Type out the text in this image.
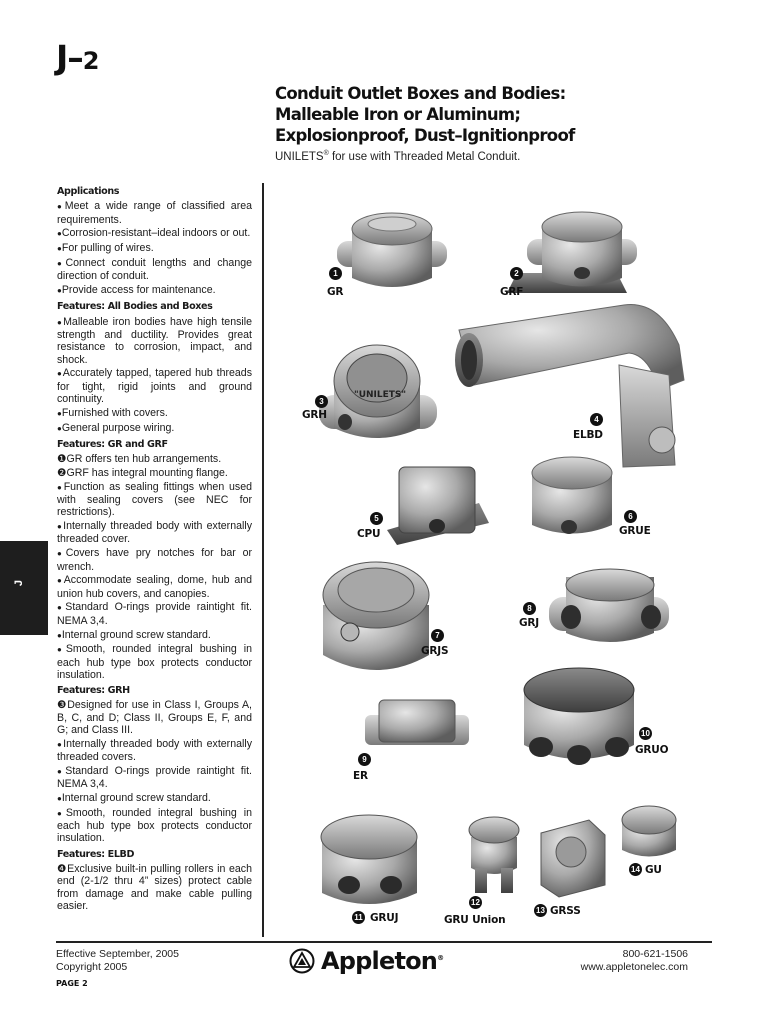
J–2
Conduit Outlet Boxes and Bodies:
Malleable Iron or Aluminum;
Explosionproof, Dust–Ignitionproof
UNILETS® for use with Threaded Metal Conduit.
Applications
● Meet a wide range of classified area requirements.
● Corrosion-resistant–ideal indoors or out.
● For pulling of wires.
● Connect conduit lengths and change direction of conduit.
● Provide access for maintenance.
Features: All Bodies and Boxes
● Malleable iron bodies have high tensile strength and ductility. Provides great resistance to corrosion, impact, and shock.
● Accurately tapped, tapered hub threads for tight, rigid joints and ground continuity.
● Furnished with covers.
● General purpose wiring.
Features: GR and GRF
❶GR offers ten hub arrangements.
❷GRF has integral mounting flange.
● Function as sealing fittings when used with sealing covers (see NEC for restrictions).
● Internally threaded body with externally threaded cover.
● Covers have pry notches for bar or wrench.
● Accommodate sealing, dome, hub and union hub covers, and canopies.
● Standard O-rings provide raintight fit. NEMA 3,4.
● Internal ground screw standard.
● Smooth, rounded integral bushing in each hub type box protects conductor insulation.
Features: GRH
❸Designed for use in Class I, Groups A, B, C, and D; Class II, Groups E, F, and G; and Class III.
● Internally threaded body with externally threaded covers.
● Standard O-rings provide raintight fit. NEMA 3,4.
● Internal ground screw standard.
● Smooth, rounded integral bushing in each hub type box protects conductor insulation.
Features: ELBD
❹Exclusive built-in pulling rollers in each end (2-1/2 thru 4” sizes) protect cable from damage and make cable pulling easier.
J
"UNILETS"
1
GR
2
GRF
3
GRH	4
ELBD
5
CPU
6
GRUE
8
GRJ
7
GRJS
9
ER
10
GRUO
14 GU
13 GRSS
12
GRU Union
11 GRUJ
Effective September, 2005
Copyright 2005	Appleton®	800-621-1506
www.appletonelec.com
PAGE 2
